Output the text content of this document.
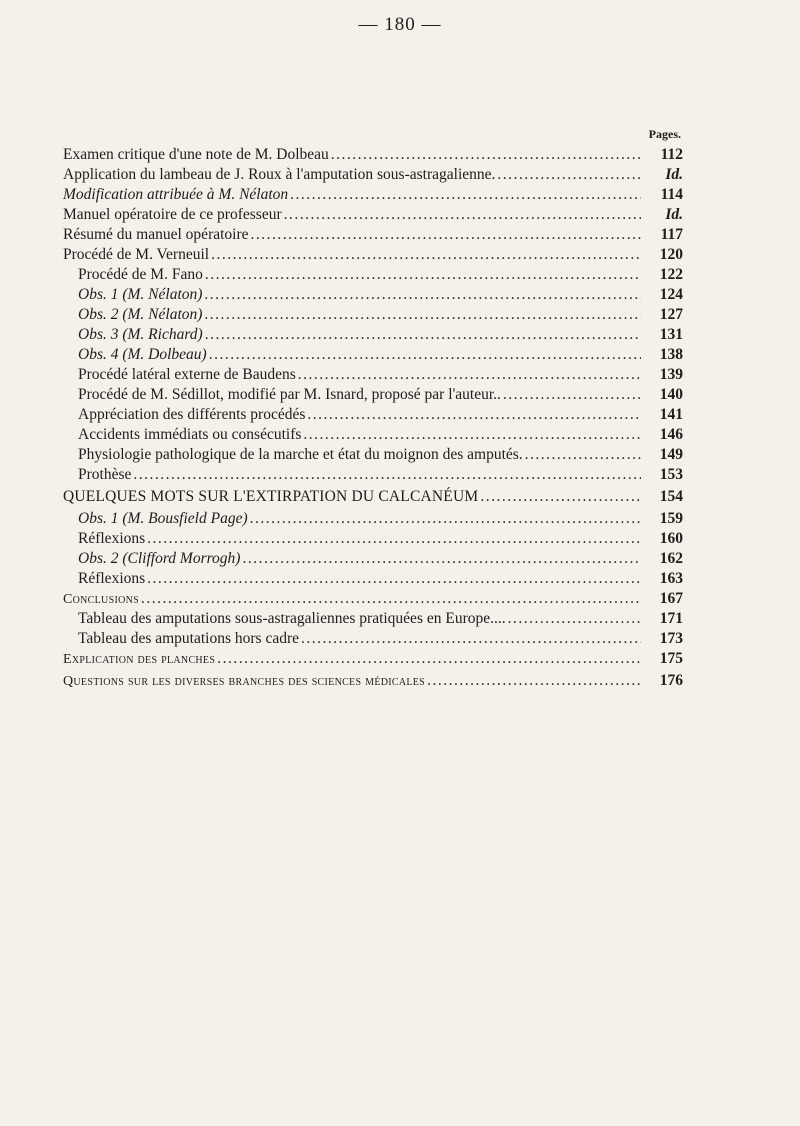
— 180 —
Pages.
Examen critique d'une note de M. Dolbeau .....	112
Application du lambeau de J. Roux à l'amputation sous-astragalienne. .....	Id.
Modification attribuée à M. Nélaton .....	114
Manuel opératoire de ce professeur .....	Id.
Résumé du manuel opératoire .....	117
Procédé de M. Verneuil .....	120
Procédé de M. Fano .....	122
Obs. 1 (M. Nélaton) .....	124
Obs. 2 (M. Nélaton) .....	127
Obs. 3 (M. Richard) .....	131
Obs. 4 (M. Dolbeau) .....	138
Procédé latéral externe de Baudens .....	139
Procédé de M. Sédillot, modifié par M. Isnard, proposé par l'auteur.. .....	140
Appréciation des différents procédés .....	141
Accidents immédiats ou consécutifs .....	146
Physiologie pathologique de la marche et état du moignon des amputés. .....	149
Prothèse .....	153
QUELQUES MOTS SUR L'EXTIRPATION DU CALCANÉUM .....	154
Obs. 1 (M. Bousfield Page) .....	159
Réflexions .....	160
Obs. 2 (Clifford Morrogh) .....	162
Réflexions .....	163
Conclusions .....	167
Tableau des amputations sous-astragaliennes pratiquées en Europe.... .....	171
Tableau des amputations hors cadre .....	173
Explication des planches .....	175
Questions sur les diverses branches des sciences médicales .....	176
